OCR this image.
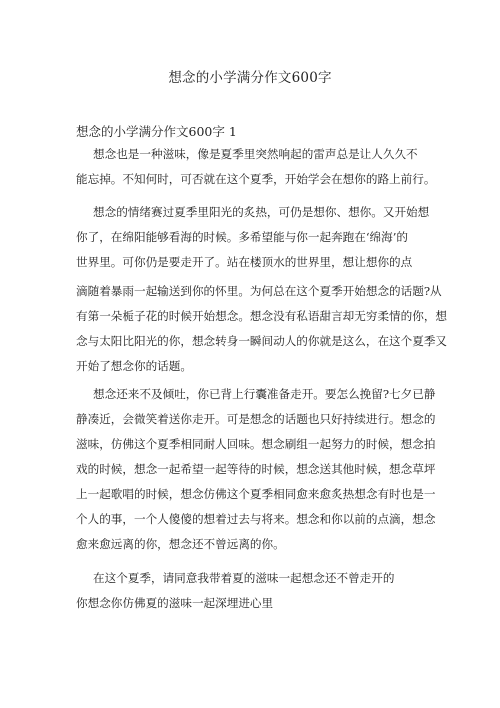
想念的小学满分作文600字
想念的小学满分作文600字 1
想念也是一种滋味，像是夏季里突然响起的雷声总是让人久久不
能忘掉。不知何时，可否就在这个夏季，开始学会在想你的路上前行。
想念的情绪赛过夏季里阳光的炙热，可仍是想你、想你。又开始想
你了，在绵阳能够看海的时候。多希望能与你一起奔跑在‘绵海’的
世界里。可你仍是要走开了。站在楼顶水的世界里，想让想你的点
滴随着暴雨一起输送到你的怀里。为何总在这个夏季开始想念的话题?从
有第一朵栀子花的时候开始想念。想念没有私语甜言却无穷柔情的你，想
念与太阳比阳光的你，想念转身一瞬间动人的你就是这么，在这个夏季又
开始了想念你的话题。
想念还来不及倾吐，你已背上行囊准备走开。要怎么挽留?七夕已静
静凑近，会微笑着送你走开。可是想念的话题也只好持续进行。想念的
滋味，仿佛这个夏季相同耐人回味。想念刷组一起努力的时候，想念拍
戏的时候，想念一起希望一起等待的时候，想念送其他时候，想念草坪
上一起歌唱的时候，想念仿佛这个夏季相同愈来愈炙热想念有时也是一
个人的事，一个人傻傻的想着过去与将来。想念和你以前的点滴，想念
愈来愈远离的你，想念还不曾远离的你。
在这个夏季，请同意我带着夏的滋味一起想念还不曾走开的
你想念你仿佛夏的滋味一起深埋进心里
